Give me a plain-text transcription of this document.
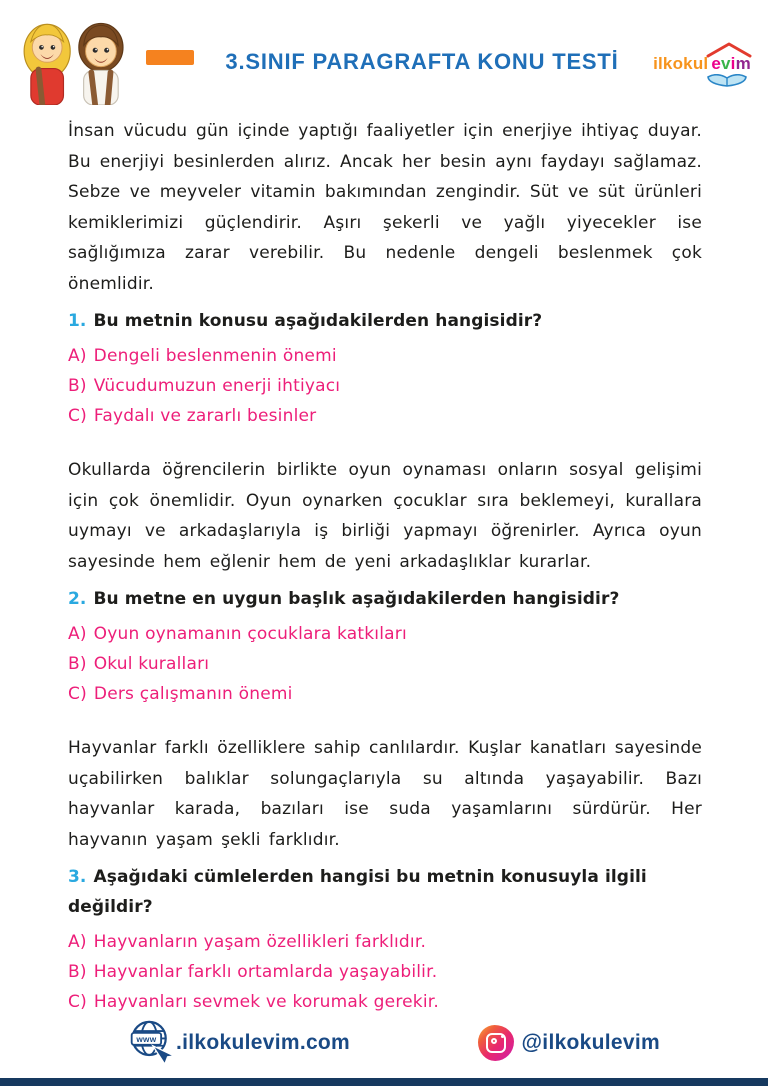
3.SINIF PARAGRAFTA KONU TESTİ	ilkokul evim

İnsan vücudu gün içinde yaptığı faaliyetler için enerjiye ihtiyaç duyar. Bu enerjiyi besinlerden alırız. Ancak her besin aynı faydayı sağlamaz. Sebze ve meyveler vitamin bakımından zengindir. Süt ve süt ürünleri kemiklerimizi güçlendirir. Aşırı şekerli ve yağlı yiyecekler ise sağlığımıza zarar verebilir. Bu nedenle dengeli beslenmek çok önemlidir.

1. Bu metnin konusu aşağıdakilerden hangisidir?

A) Dengeli beslenmenin önemi

B) Vücudumuzun enerji ihtiyacı

C) Faydalı ve zararlı besinler

Okullarda öğrencilerin birlikte oyun oynaması onların sosyal gelişimi için çok önemlidir. Oyun oynarken çocuklar sıra beklemeyi, kurallara uymayı ve arkadaşlarıyla iş birliği yapmayı öğrenirler. Ayrıca oyun sayesinde hem eğlenir hem de yeni arkadaşlıklar kurarlar.

2. Bu metne en uygun başlık aşağıdakilerden hangisidir?

A) Oyun oynamanın çocuklara katkıları

B) Okul kuralları

C) Ders çalışmanın önemi

Hayvanlar farklı özelliklere sahip canlılardır. Kuşlar kanatları sayesinde uçabilirken balıklar solungaçlarıyla su altında yaşayabilir. Bazı hayvanlar karada, bazıları ise suda yaşamlarını sürdürür. Her hayvanın yaşam şekli farklıdır.

3. Aşağıdaki cümlelerden hangisi bu metnin konusuyla ilgili değildir?

A) Hayvanların yaşam özellikleri farklıdır.

B) Hayvanlar farklı ortamlarda yaşayabilir.

C) Hayvanları sevmek ve korumak gerekir.

www .ilkokulevim.com	@ilkokulevim
